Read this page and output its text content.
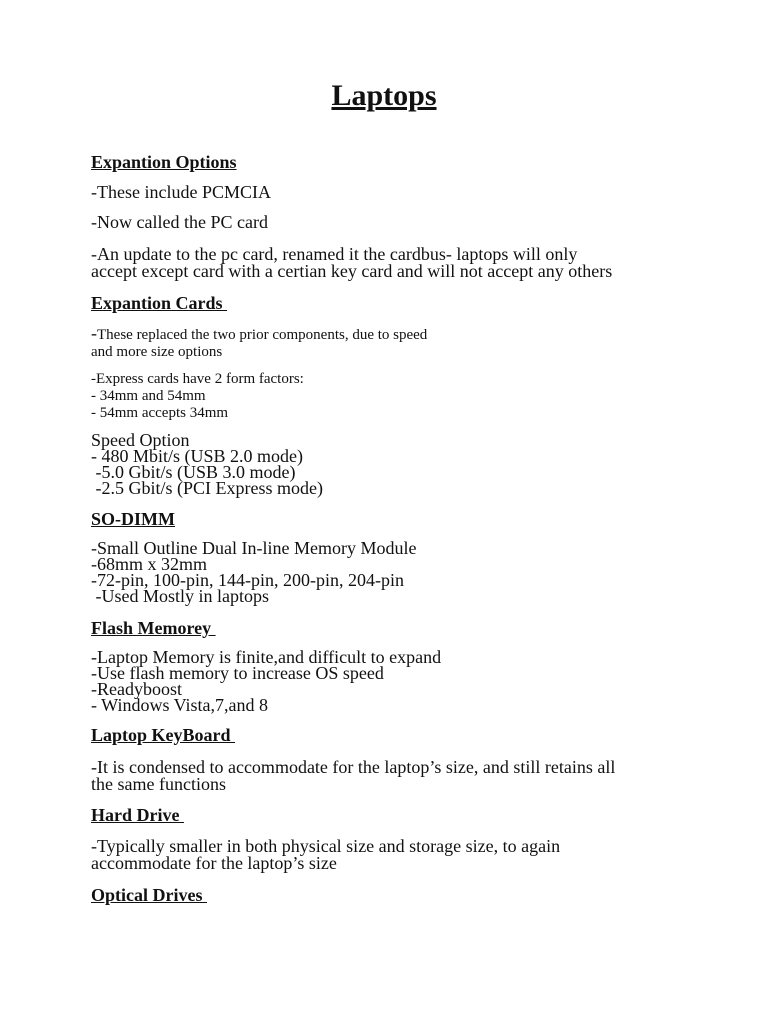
Laptops
Expantion Options
-These include PCMCIA
-Now called the PC card
-An update to the pc card, renamed it the cardbus- laptops will only
accept except card with a certian key card and will not accept any others
Expantion Cards
-These replaced the two prior components, due to speed
and more size options
-Express cards have 2 form factors:
- 34mm and 54mm
- 54mm accepts 34mm
Speed Option
- 480 Mbit/s (USB 2.0 mode)
-5.0 Gbit/s (USB 3.0 mode)
-2.5 Gbit/s (PCI Express mode)
SO-DIMM
-Small Outline Dual In-line Memory Module
-68mm x 32mm
-72-pin, 100-pin, 144-pin, 200-pin, 204-pin
-Used Mostly in laptops
Flash Memorey
-Laptop Memory is finite,and difficult to expand
-Use flash memory to increase OS speed
-Readyboost
- Windows Vista,7,and 8
Laptop KeyBoard
-It is condensed to accommodate for the laptop’s size, and still retains all
the same functions
Hard Drive
-Typically smaller in both physical size and storage size, to again
accommodate for the laptop’s size
Optical Drives
